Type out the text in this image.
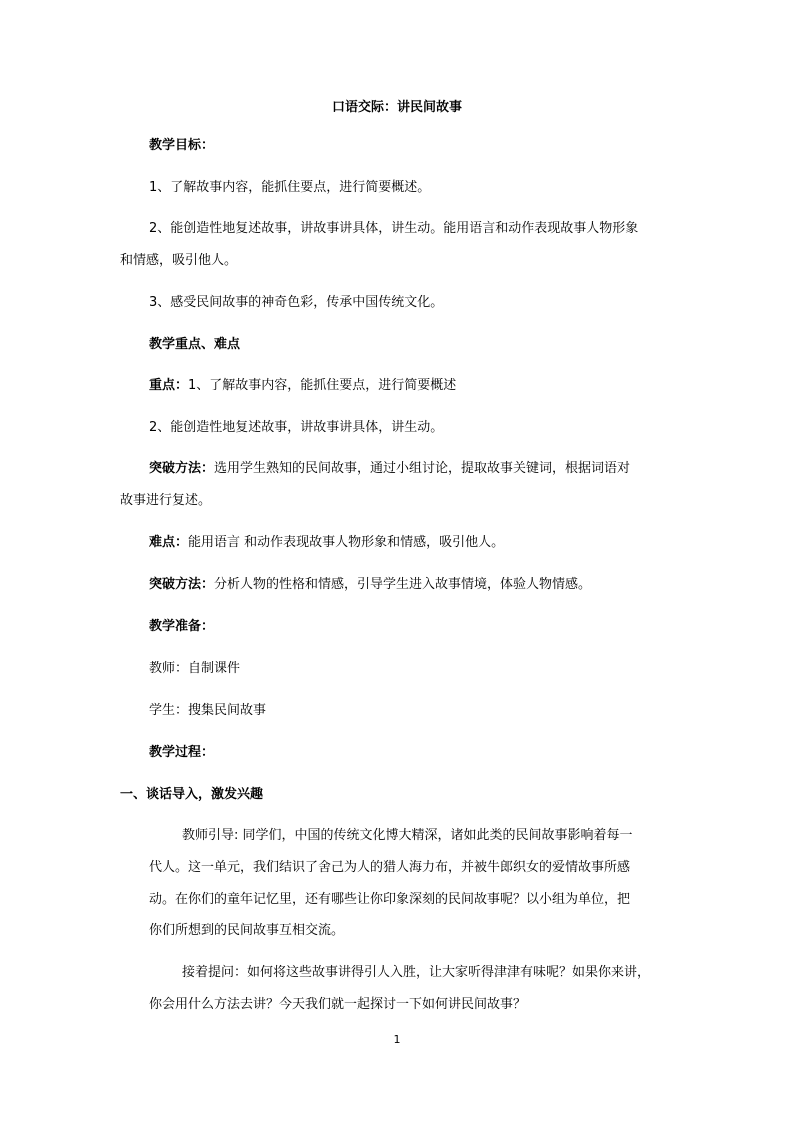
口语交际：讲民间故事
教学目标：
1、了解故事内容，能抓住要点，进行简要概述。
2、能创造性地复述故事，讲故事讲具体，讲生动。能用语言和动作表现故事人物形象
和情感，吸引他人。
3、感受民间故事的神奇色彩，传承中国传统文化。
教学重点、难点
重点：1、了解故事内容，能抓住要点，进行简要概述
2、能创造性地复述故事，讲故事讲具体，讲生动。
突破方法：选用学生熟知的民间故事，通过小组讨论，提取故事关键词，根据词语对
故事进行复述。
难点：能用语言 和动作表现故事人物形象和情感，吸引他人。
突破方法：分析人物的性格和情感，引导学生进入故事情境，体验人物情感。
教学准备：
教师：自制课件
学生：搜集民间故事
教学过程：
一、谈话导入，激发兴趣
教师引导: 同学们，中国的传统文化博大精深，诸如此类的民间故事影响着每一
代人。这一单元，我们结识了舍己为人的猎人海力布，并被牛郎织女的爱情故事所感
动。在你们的童年记忆里，还有哪些让你印象深刻的民间故事呢？以小组为单位，把
你们所想到的民间故事互相交流。
接着提问：如何将这些故事讲得引人入胜，让大家听得津津有味呢？如果你来讲，
你会用什么方法去讲？今天我们就一起探讨一下如何讲民间故事？
1
